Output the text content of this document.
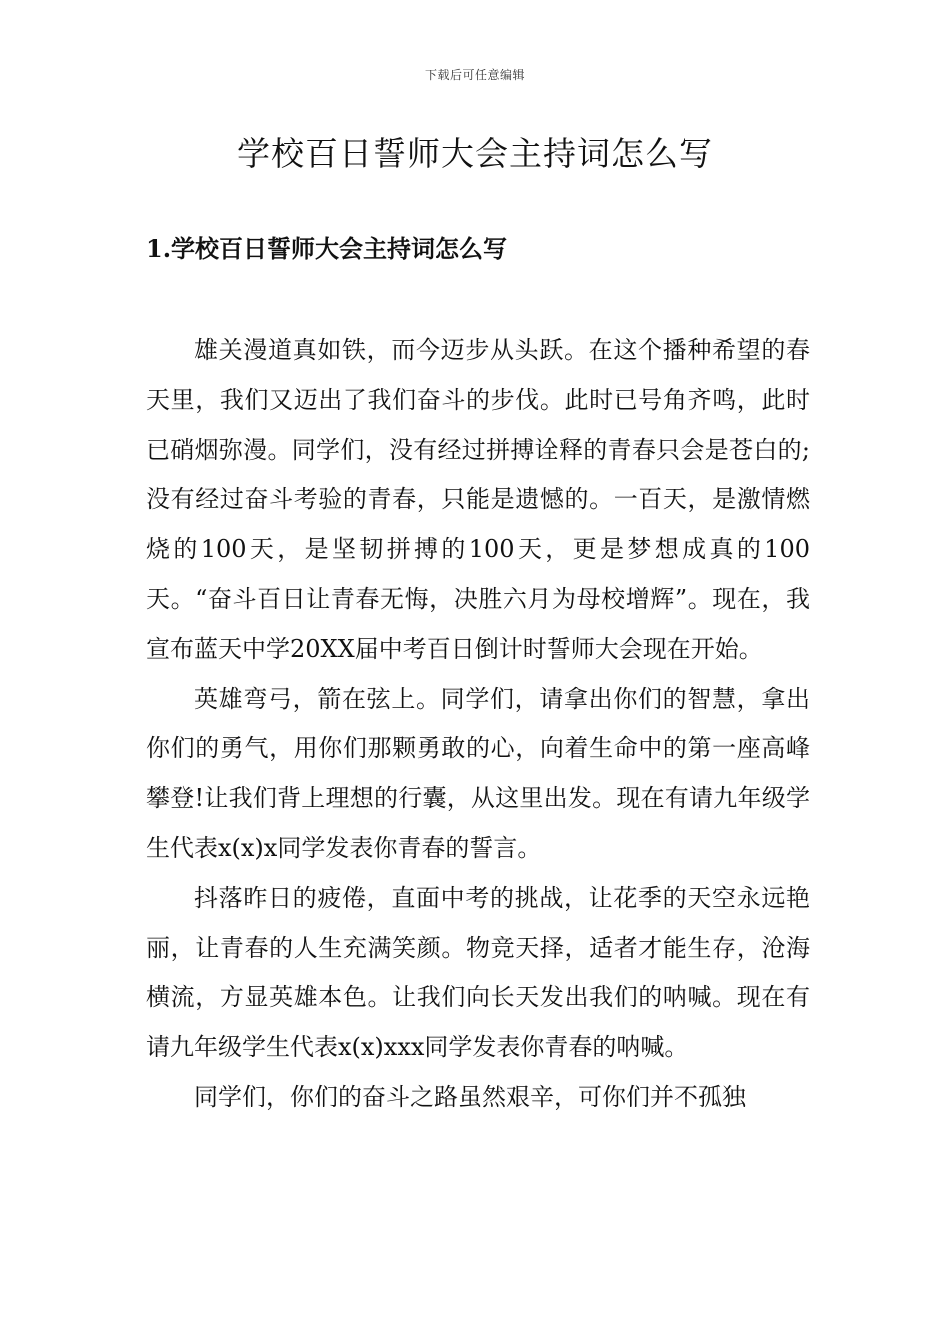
下载后可任意编辑
学校百日誓师大会主持词怎么写
1.学校百日誓师大会主持词怎么写

雄关漫道真如铁，而今迈步从头跃。在这个播种希望的春天里，我们又迈出了我们奋斗的步伐。此时已号角齐鸣，此时已硝烟弥漫。同学们，没有经过拼搏诠释的青春只会是苍白的;没有经过奋斗考验的青春，只能是遗憾的。一百天，是激情燃烧的100天，是坚韧拼搏的100天，更是梦想成真的100天。“奋斗百日让青春无悔，决胜六月为母校增辉”。现在，我宣布蓝天中学20XX届中考百日倒计时誓师大会现在开始。

英雄弯弓，箭在弦上。同学们，请拿出你们的智慧，拿出你们的勇气，用你们那颗勇敢的心，向着生命中的第一座高峰攀登!让我们背上理想的行囊，从这里出发。现在有请九年级学生代表x(x)x同学发表你青春的誓言。

抖落昨日的疲倦，直面中考的挑战，让花季的天空永远艳丽，让青春的人生充满笑颜。物竞天择，适者才能生存，沧海横流，方显英雄本色。让我们向长天发出我们的呐喊。现在有请九年级学生代表x(x)xxx同学发表你青春的呐喊。

同学们，你们的奋斗之路虽然艰辛，可你们并不孤独
